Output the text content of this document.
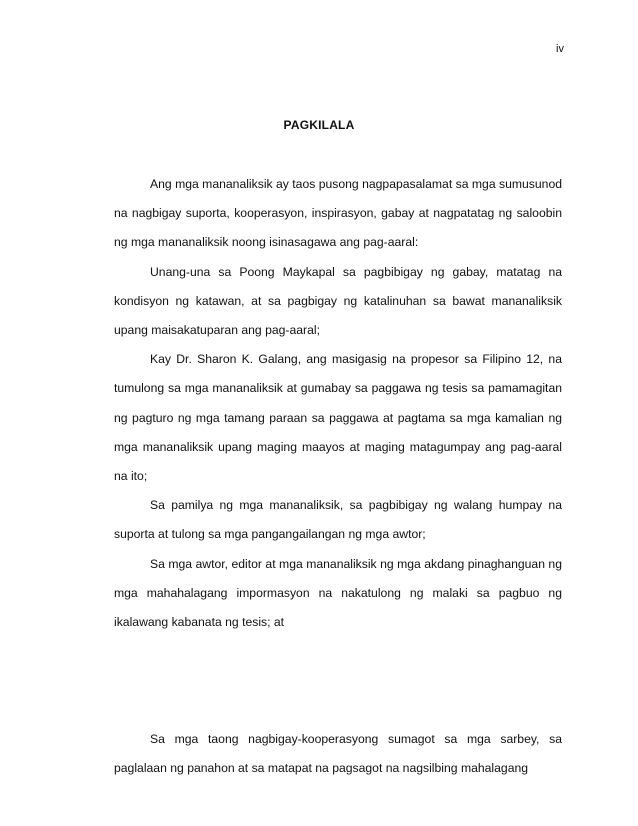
iv
PAGKILALA

Ang mga mananaliksik ay taos pusong nagpapasalamat sa mga sumusunod na nagbigay suporta, kooperasyon, inspirasyon, gabay at nagpatatag ng saloobin ng mga mananaliksik noong isinasagawa ang pag-aaral:

Unang-una sa Poong Maykapal sa pagbibigay ng gabay, matatag na kondisyon ng katawan, at sa pagbigay ng katalinuhan sa bawat mananaliksik upang maisakatuparan ang pag-aaral;

Kay Dr. Sharon K. Galang, ang masigasig na propesor sa Filipino 12, na tumulong sa mga mananaliksik at gumabay sa paggawa ng tesis sa pamamagitan ng pagturo ng mga tamang paraan sa paggawa at pagtama sa mga kamalian ng mga mananaliksik upang maging maayos at maging matagumpay ang pag-aaral na ito;

Sa pamilya ng mga mananaliksik, sa pagbibigay ng walang humpay na suporta at tulong sa mga pangangailangan ng mga awtor;

Sa mga awtor, editor at mga mananaliksik ng mga akdang pinaghanguan ng mga mahahalagang impormasyon na nakatulong ng malaki sa pagbuo ng ikalawang kabanata ng tesis; at

Sa mga taong nagbigay-kooperasyong sumagot sa mga sarbey, sa paglalaan ng panahon at sa matapat na pagsagot na nagsilbing mahalagang
